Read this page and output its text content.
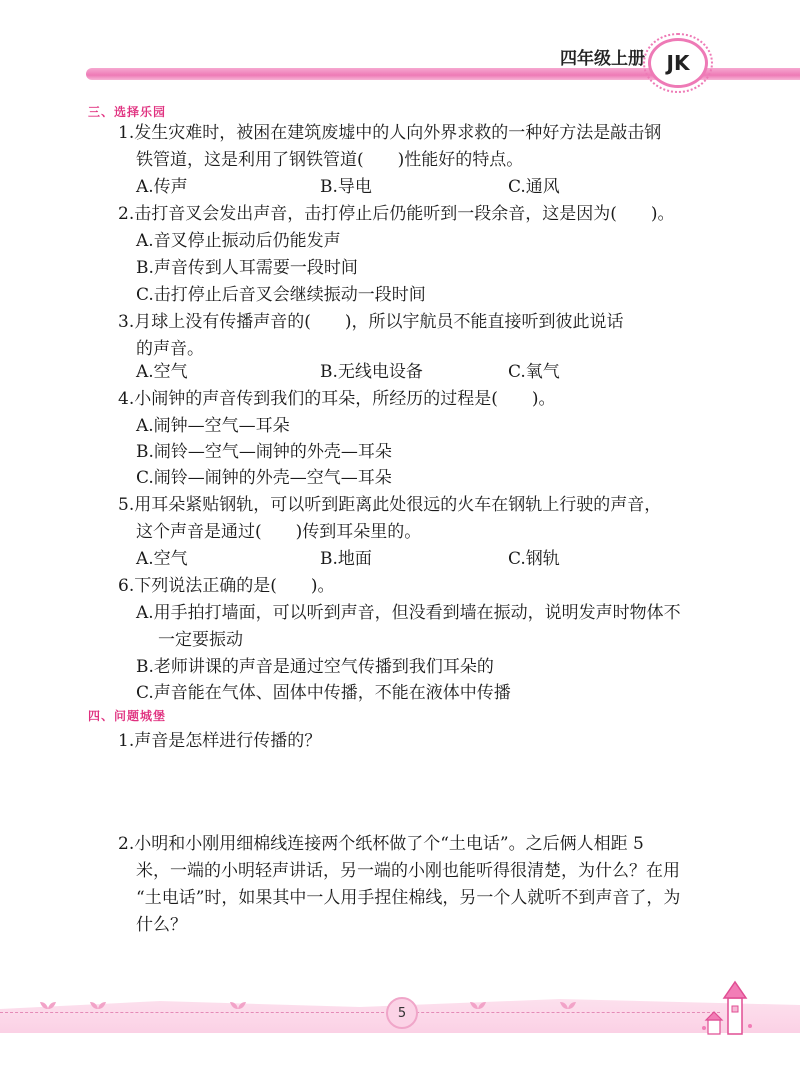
四年级上册	JK
三、选择乐园
1.发生灾难时，被困在建筑废墟中的人向外界求救的一种好方法是敲击钢
铁管道，这是利用了钢铁管道(　　)性能好的特点。
A.传声	B.导电	C.通风
2.击打音叉会发出声音，击打停止后仍能听到一段余音，这是因为(　　)。
A.音叉停止振动后仍能发声
B.声音传到人耳需要一段时间
C.击打停止后音叉会继续振动一段时间
3.月球上没有传播声音的(　　)，所以宇航员不能直接听到彼此说话
的声音。
A.空气	B.无线电设备	C.氧气
4.小闹钟的声音传到我们的耳朵，所经历的过程是(　　)。
A.闹钟—空气—耳朵
B.闹铃—空气—闹钟的外壳—耳朵
C.闹铃—闹钟的外壳—空气—耳朵
5.用耳朵紧贴钢轨，可以听到距离此处很远的火车在钢轨上行驶的声音，
这个声音是通过(　　)传到耳朵里的。
A.空气	B.地面	C.钢轨
6.下列说法正确的是(　　)。
A.用手拍打墙面，可以听到声音，但没看到墙在振动，说明发声时物体不
一定要振动
B.老师讲课的声音是通过空气传播到我们耳朵的
C.声音能在气体、固体中传播，不能在液体中传播
四、问题城堡
1.声音是怎样进行传播的？
2.小明和小刚用细棉线连接两个纸杯做了个“土电话”。之后俩人相距 5
米，一端的小明轻声讲话，另一端的小刚也能听得很清楚，为什么？在用
“土电话”时，如果其中一人用手捏住棉线，另一个人就听不到声音了，为
什么？
5
